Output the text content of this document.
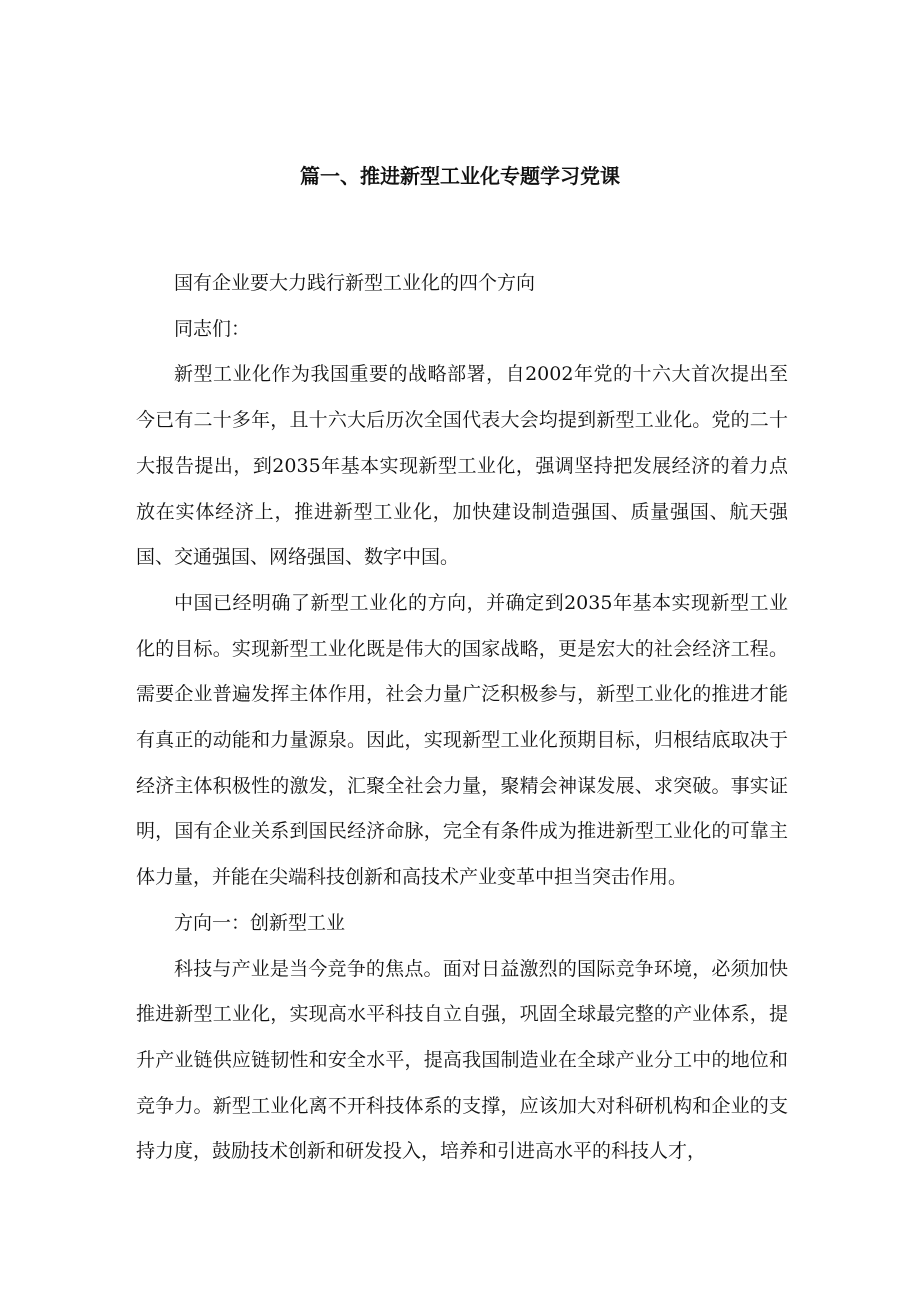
篇一、推进新型工业化专题学习党课

国有企业要大力践行新型工业化的四个方向

同志们：

新型工业化作为我国重要的战略部署，自2002年党的十六大首次提出至今已有二十多年，且十六大后历次全国代表大会均提到新型工业化。党的二十大报告提出，到2035年基本实现新型工业化，强调坚持把发展经济的着力点放在实体经济上，推进新型工业化，加快建设制造强国、质量强国、航天强国、交通强国、网络强国、数字中国。

中国已经明确了新型工业化的方向，并确定到2035年基本实现新型工业化的目标。实现新型工业化既是伟大的国家战略，更是宏大的社会经济工程。需要企业普遍发挥主体作用，社会力量广泛积极参与，新型工业化的推进才能有真正的动能和力量源泉。因此，实现新型工业化预期目标，归根结底取决于经济主体积极性的激发，汇聚全社会力量，聚精会神谋发展、求突破。事实证明，国有企业关系到国民经济命脉，完全有条件成为推进新型工业化的可靠主体力量，并能在尖端科技创新和高技术产业变革中担当突击作用。

方向一：创新型工业

科技与产业是当今竞争的焦点。面对日益激烈的国际竞争环境，必须加快推进新型工业化，实现高水平科技自立自强，巩固全球最完整的产业体系，提升产业链供应链韧性和安全水平，提高我国制造业在全球产业分工中的地位和竞争力。新型工业化离不开科技体系的支撑，应该加大对科研机构和企业的支持力度，鼓励技术创新和研发投入，培养和引进高水平的科技人才，
